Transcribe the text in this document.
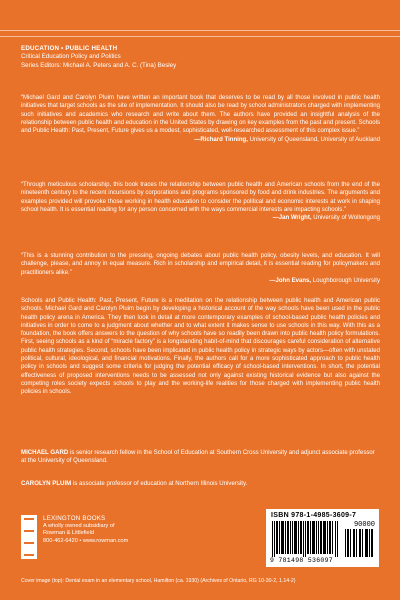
EDUCATION • PUBLIC HEALTH
Critical Education Policy and Politics
Series Editors: Michael A. Peters and A. C. (Tina) Besley

“Michael Gard and Carolyn Pluim have written an important book that deserves to be read by all those involved in public health initiatives that target schools as the site of implementation. It should also be read by school administrators charged with implementing such initiatives and academics who research and write about them. The authors have provided an insightful analysis of the relationship between public health and education in the United States by drawing on key examples from the past and present. Schools and Public Health: Past, Present, Future gives us a modest, sophisticated, well-researched assessment of this complex issue.”

—Richard Tinning, University of Queensland, University of Auckland

“Through meticulous scholarship, this book traces the relationship between public health and American schools from the end of the nineteenth century to the recent incursions by corporations and programs sponsored by food and drink industries. The arguments and examples provided will provoke those working in health education to consider the political and economic interests at work in shaping school health. It is essential reading for any person concerned with the ways commercial interests are impacting schools.”

—Jan Wright, University of Wollongong

“This is a stunning contribution to the pressing, ongoing debates about public health policy, obesity levels, and education. It will challenge, please, and annoy in equal measure. Rich in scholarship and empirical detail, it is essential reading for policymakers and practitioners alike.”

—John Evans, Loughborough University

Schools and Public Health: Past, Present, Future is a meditation on the relationship between public health and American public schools. Michael Gard and Carolyn Pluim begin by developing a historical account of the way schools have been used in the public health policy arena in America. They then look in detail at more contemporary examples of school-based public health policies and initiatives in order to come to a judgment about whether and to what extent it makes sense to use schools in this way. With this as a foundation, the book offers answers to the question of why schools have so readily been drawn into public health policy formulations. First, seeing schools as a kind of “miracle factory” is a longstanding habit-of-mind that discourages careful consideration of alternative public health strategies. Second, schools have been implicated in public health policy in strategic ways by actors—often with unstated political, cultural, ideological, and financial motivations. Finally, the authors call for a more sophisticated approach to public health policy in schools and suggest some criteria for judging the potential efficacy of school-based interventions. In short, the potential effectiveness of proposed interventions needs to be assessed not only against existing historical evidence but also against the competing roles society expects schools to play and the working-life realities for those charged with implementing public health policies in schools.

MICHAEL GARD is senior research fellow in the School of Education at Southern Cross University and adjunct associate professor at the University of Queensland.

CAROLYN PLUIM is associate professor of education at Northern Illinois University.

LEXINGTON BOOKS
A wholly owned subsidiary of
Rowman & Littlefield
800-462-6420 • www.rowman.com
ISBN 978-1-4985-3609-7
90000
9 781498 536097
Cover image (top): Dental exam in an elementary school, Hamilton (ca. 1930) (Archives of Ontario, RG 10-30-2, 1.14-2)
